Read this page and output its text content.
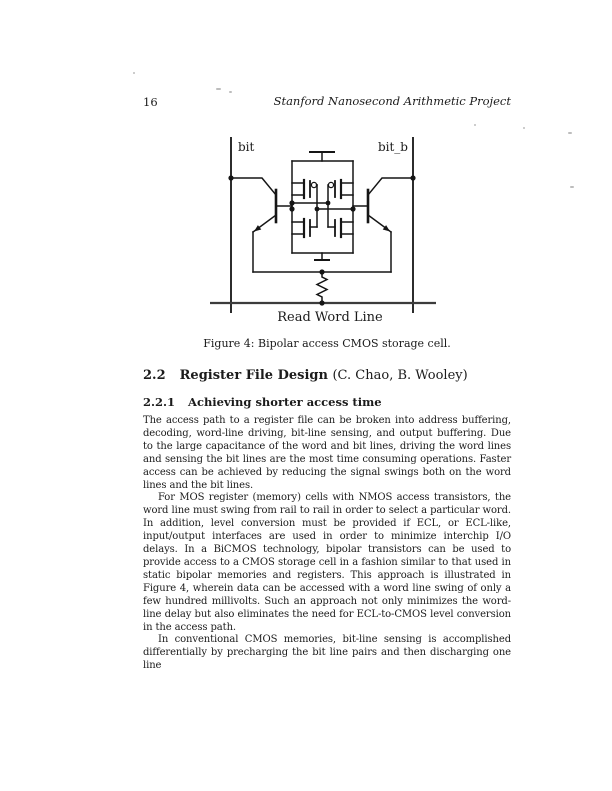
16	Stanford Nanosecond Arithmetic Project
bit	bit_b
Read Word Line
Figure 4: Bipolar access CMOS storage cell.
2.2 Register File Design (C. Chao, B. Wooley)
2.2.1 Achieving shorter access time

The access path to a register file can be broken into address buffering, decoding, word-line driving, bit-line sensing, and output buffering. Due to the large capacitance of the word and bit lines, driving the word lines and sensing the bit lines are the most time consuming operations. Faster access can be achieved by reducing the signal swings both on the word lines and the bit lines.

For MOS register (memory) cells with NMOS access transistors, the word line must swing from rail to rail in order to select a particular word. In addition, level conversion must be provided if ECL, or ECL-like, input/output interfaces are used in order to minimize interchip I/O delays. In a BiCMOS technology, bipolar transistors can be used to provide access to a CMOS storage cell in a fashion similar to that used in static bipolar memories and registers. This approach is illustrated in Figure 4, wherein data can be accessed with a word line swing of only a few hundred millivolts. Such an approach not only minimizes the word-line delay but also eliminates the need for ECL-to-CMOS level conversion in the access path.

In conventional CMOS memories, bit-line sensing is accomplished differentially by precharging the bit line pairs and then discharging one line
